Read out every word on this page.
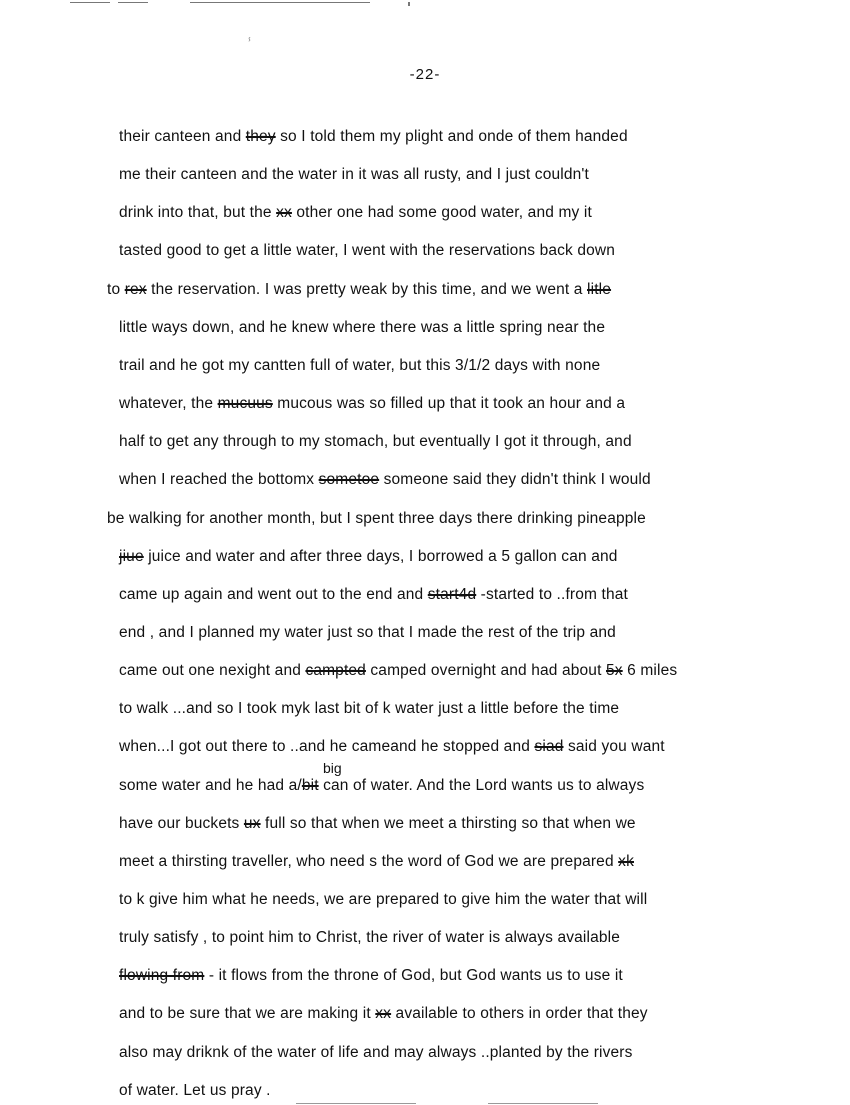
ⸯ
-22-
their canteen and they so I told them my plight and onde of them handed
me their canteen and the water in it was all rusty, and I just couldn't
drink into that, but the xx other one had some good water, and my it
tasted good to get a little water, I went with the reservations back down
to rex the reservation. I was pretty weak by this time, and we went a litle
little ways down, and he knew where there was a little spring near the
trail and he got my cantten full of water, but this 3/1/2 days with none
whatever, the mucuus mucous was so filled up that it took an hour and a
half to get any through to my stomach, but eventually I got it through, and
when I reached the bottomx sometoe someone said they didn't think I would
be walking for another month, but I spent three days there drinking pineapple
jiue juice and water and after three days, I borrowed a 5 gallon can and
came up again and went out to the end and start4d -started to ..from that
end , and I planned my water just so that I made the rest of the trip and
came out one nexight and campted camped overnight and had about 5x 6 miles
to walk ...and so I took myk last bit of k water just a little before the time
when...I got out there to ..and he cameand he stopped and siad said you want
some water and he had a/bit can of water. And the Lord wants us to always
have our buckets ux full so that when we meet a thirsting so that when we
meet a thirsting traveller, who need s the word of God we are prepared xk
to k give him what he needs, we are prepared to give him the water that will
truly satisfy , to point him to Christ, the river of water is always available
flowing from - it flows from the throne of God, but God wants us to use it
and to be sure that we are making it xx available to others in order that they
also may driknk of the water of life and may always ..planted by the rivers
of water. Let us pray .
big
